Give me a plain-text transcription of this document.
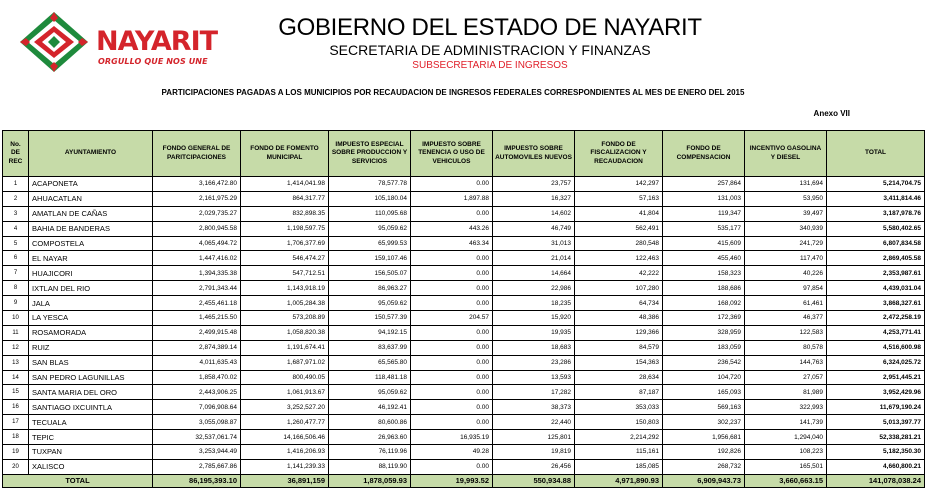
NAYARIT
ORGULLO QUE NOS UNE
GOBIERNO DEL ESTADO DE NAYARIT
SECRETARIA DE ADMINISTRACION Y FINANZAS
SUBSECRETARIA DE INGRESOS
PARTICIPACIONES PAGADAS A LOS MUNICIPIOS POR RECAUDACION DE INGRESOS FEDERALES CORRESPONDIENTES AL MES DE ENERO DEL 2015
Anexo VII
No.
DE
REC	AYUNTAMIENTO	FONDO GENERAL DE PARITCIPACIONES	FONDO DE FOMENTO MUNICIPAL	IMPUESTO ESPECIAL SOBRE PRODUCCION Y SERVICIOS	IMPUESTO SOBRE TENENCIA O USO DE VEHICULOS	IMPUESTO SOBRE AUTOMOVILES NUEVOS	FONDO DE FISCALIZACION Y RECAUDACION	FONDO DE COMPENSACION	INCENTIVO GASOLINA Y DIESEL	TOTAL
1	ACAPONETA	3,166,472.80	1,414,041.98	78,577.78	0.00	23,757	142,297	257,864	131,694	5,214,704.75
2	AHUACATLAN	2,161,975.29	864,317.77	105,180.04	1,897.88	16,327	57,163	131,003	53,950	3,411,814.46
3	AMATLAN DE CAÑAS	2,029,735.27	832,898.35	110,095.68	0.00	14,602	41,804	119,347	39,497	3,187,978.76
4	BAHIA DE BANDERAS	2,800,945.58	1,198,597.75	95,059.62	443.26	46,749	562,491	535,177	340,939	5,580,402.65
5	COMPOSTELA	4,065,494.72	1,706,377.69	65,999.53	463.34	31,013	280,548	415,609	241,729	6,807,834.58
6	EL NAYAR	1,447,416.02	546,474.27	159,107.46	0.00	21,014	122,463	455,460	117,470	2,869,405.58
7	HUAJICORI	1,394,335.38	547,712.51	156,505.07	0.00	14,664	42,222	158,323	40,226	2,353,987.61
8	IXTLAN DEL RIO	2,791,343.44	1,143,918.19	86,963.27	0.00	22,986	107,280	188,686	97,854	4,439,031.04
9	JALA	2,455,461.18	1,005,284.38	95,059.62	0.00	18,235	64,734	168,092	61,461	3,868,327.61
10	LA YESCA	1,465,215.50	573,208.89	150,577.39	204.57	15,920	48,386	172,369	46,377	2,472,258.19
11	ROSAMORADA	2,499,915.48	1,058,820.38	94,192.15	0.00	19,935	129,366	328,959	122,583	4,253,771.41
12	RUIZ	2,874,389.14	1,191,674.41	83,637.99	0.00	18,683	84,579	183,059	80,578	4,516,600.98
13	SAN BLAS	4,011,635.43	1,687,971.02	65,565.80	0.00	23,286	154,363	236,542	144,763	6,324,025.72
14	SAN PEDRO LAGUNILLAS	1,858,470.02	800,490.05	118,481.18	0.00	13,593	28,634	104,720	27,057	2,951,445.21
15	SANTA MARIA DEL ORO	2,443,906.25	1,061,913.67	95,059.62	0.00	17,282	87,187	165,093	81,989	3,952,429.96
16	SANTIAGO IXCUINTLA	7,096,908.64	3,252,527.20	46,192.41	0.00	38,373	353,033	569,163	322,993	11,679,190.24
17	TECUALA	3,055,098.87	1,260,477.77	80,600.86	0.00	22,440	150,803	302,237	141,739	5,013,397.77
18	TEPIC	32,537,061.74	14,166,506.46	26,963.60	16,935.19	125,801	2,214,292	1,956,681	1,294,040	52,338,281.21
19	TUXPAN	3,253,944.49	1,416,206.93	76,119.96	49.28	19,819	115,161	192,826	108,223	5,182,350.30
20	XALISCO	2,785,667.86	1,141,239.33	88,119.90	0.00	26,456	185,085	268,732	165,501	4,660,800.21
TOTAL		86,195,393.10	36,891,159	1,878,059.93	19,993.52	550,934.88	4,971,890.93	6,909,943.73	3,660,663.15	141,078,038.24
